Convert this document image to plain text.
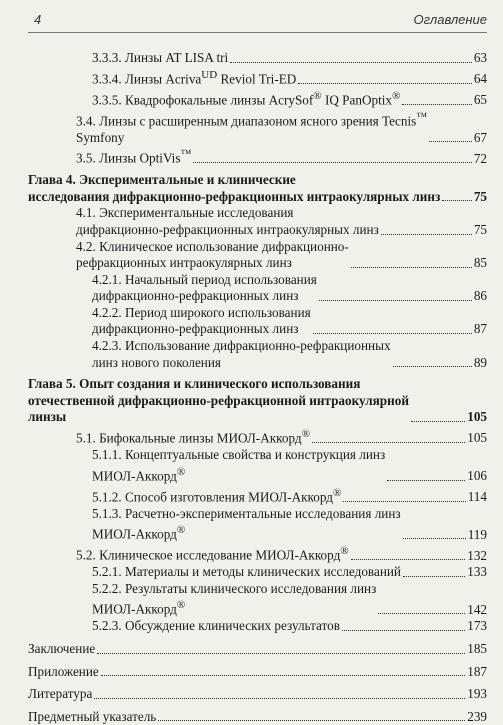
4	Оглавление
3.3.3. Линзы AT LISA tri	63
3.3.4. Линзы Acriva$^{UD}$ Reviol Tri-ED	64
3.3.5. Квадрофокальные линзы AcrySof® IQ PanOptix®	65
3.4. Линзы с расширенным диапазоном ясного зрения Tecnis™
Symfony	67
3.5. Линзы OptiVis™	72
Глава 4. Экспериментальные и клинические
исследования дифракционно-рефракционных интраокулярных линз	75
4.1. Экспериментальные исследования
дифракционно-рефракционных интраокулярных линз	75
4.2. Клиническое использование дифракционно-
рефракционных интраокулярных линз	85
4.2.1. Начальный период использования
дифракционно-рефракционных линз	86
4.2.2. Период широкого использования
дифракционно-рефракционных линз	87
4.2.3. Использование дифракционно-рефракционных
линз нового поколения	89
Глава 5. Опыт создания и клинического использования
отечественной дифракционно-рефракционной интраокулярной
линзы	105
5.1. Бифокальные линзы МИОЛ-Аккорд®	105
5.1.1. Концептуальные свойства и конструкция линз
МИОЛ-Аккорд®	106
5.1.2. Способ изготовления МИОЛ-Аккорд®	114
5.1.3. Расчетно-экспериментальные исследования линз
МИОЛ-Аккорд®	119
5.2. Клиническое исследование МИОЛ-Аккорд®	132
5.2.1. Материалы и методы клинических исследований	133
5.2.2. Результаты клинического исследования линз
МИОЛ-Аккорд®	142
5.2.3. Обсуждение клинических результатов	173
Заключение	185
Приложение	187
Литература	193
Предметный указатель	239
